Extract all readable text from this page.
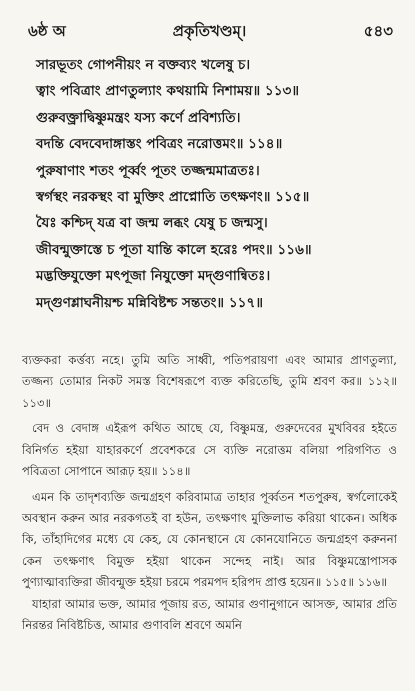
৬ষ্ঠ অ	প্রকৃতিখণ্ডম্।	৫৪৩
সারভূতং গোপনীয়ং ন বক্তব্যং খলেষু চ।
ত্বাং পবিত্রাং প্রাণতুল্যাং কথয়ামি নিশাময়॥ ১১৩॥
গুরুবক্ত্রাদ্বিষ্ণুমন্ত্রং যস্য কর্ণে প্রবিশ্যতি।
বদন্তি বেদবেদাঙ্গাস্তং পবিত্রং নরোত্তমং॥ ১১৪॥
পুরুষাণাং শতং পূর্ব্বং পূতং তজ্জন্মমাত্রতঃ।
স্বর্গস্থং নরকস্থং বা মুক্তিং প্রাপ্নোতি তৎক্ষণং॥ ১১৫॥
যৈঃ কশ্চিদ্ যত্র বা জন্ম লব্ধং যেষু চ জন্মসু।
জীবন্মুক্তাস্তে চ পূতা যান্তি কালে হরেঃ পদং॥ ১১৬॥
মদ্ভক্তিযুক্তো মৎপূজা নিযুক্তো মদ্গুণান্বিতঃ।
মদ্গুণশ্লাঘনীয়শ্চ মন্নিবিষ্টশ্চ সন্ততং॥ ১১৭॥

ব্যক্তকরা কর্ত্তব্য নহে। তুমি অতি সাধ্বী, পতিপরায়ণা এবং আমার প্রাণতুল্যা, তজ্জন্য তোমার নিকট সমস্ত বিশেষরূপে ব্যক্ত করিতেছি, তুমি শ্রবণ কর॥ ১১২॥ ১১৩॥

বেদ ও বেদাঙ্গ এইরূপ কথিত আছে যে, বিষ্ণুমন্ত্র, গুরুদেবের মুখবিবর হইতে বিনির্গত হইয়া যাহারকর্ণে প্রবেশকরে সে ব্যক্তি নরোত্তম বলিয়া পরিগণিত ও পবিত্রতা সোপানে আরূঢ় হয়॥ ১১৪॥

এমন কি তাদৃশব্যক্তি জন্মগ্রহণ করিবামাত্র তাহার পূর্ব্বতন শতপুরুষ, স্বর্গলোকেই অবস্থান করুন আর নরকগতই বা হউন, তৎক্ষণাৎ মুক্তিলাভ করিয়া থাকেন। অধিক কি, তাঁহাদিগের মধ্যে যে কেহ, যে কোনস্থানে যে কোনযোনিতে জন্মগ্রহণ করুননা কেন তৎক্ষণাৎ বিমুক্ত হইয়া থাকেন সন্দেহ নাই। আর বিষ্ণুমন্ত্রোপাসক পুণ্যাত্মাব্যক্তিরা জীবন্মুক্ত হইয়া চরমে পরমপদ হরিপদ প্রাপ্ত হয়েন॥ ১১৫॥ ১১৬॥

যাহারা আমার ভক্ত, আমার পূজায় রত, আমার গুণানুগানে আসক্ত, আমার প্রতি নিরন্তর নিবিষ্টচিত্ত, আমার গুণাবলি শ্রবণে অমনি
